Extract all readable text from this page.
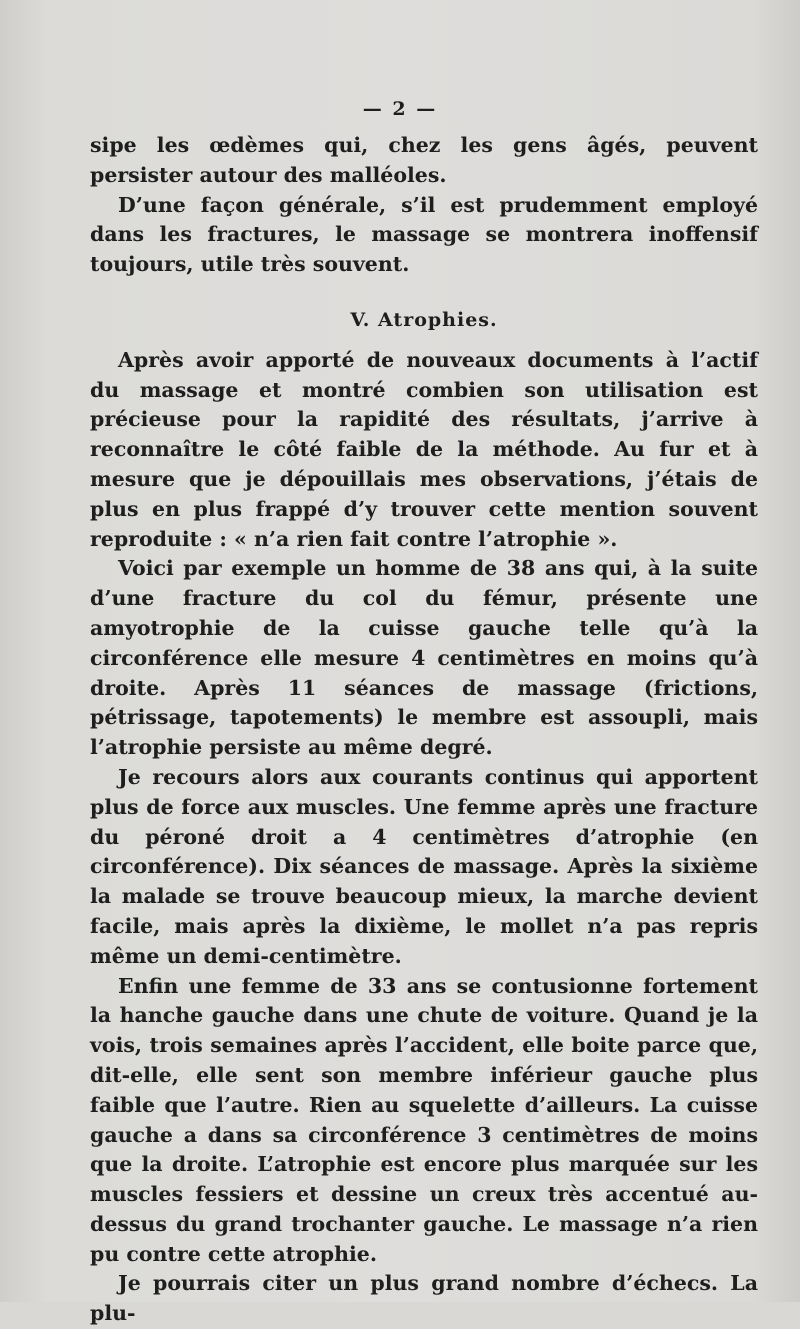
— 2 —

sipe les œdèmes qui, chez les gens âgés, peuvent persister autour des malléoles.

D’une façon générale, s’il est prudemment employé dans les fractures, le massage se montrera inoffensif toujours, utile très souvent.

V. Atrophies.

Après avoir apporté de nouveaux documents à l’actif du massage et montré combien son utilisation est précieuse pour la rapidité des résultats, j’arrive à reconnaître le côté faible de la méthode. Au fur et à mesure que je dépouillais mes observations, j’étais de plus en plus frappé d’y trouver cette mention souvent reproduite : « n’a rien fait contre l’atrophie ».

Voici par exemple un homme de 38 ans qui, à la suite d’une fracture du col du fémur, présente une amyotrophie de la cuisse gauche telle qu’à la circonférence elle mesure 4 centimètres en moins qu’à droite. Après 11 séances de massage (frictions, pétrissage, tapotements) le membre est assoupli, mais l’atrophie persiste au même degré.

Je recours alors aux courants continus qui apportent plus de force aux muscles. Une femme après une fracture du péroné droit a 4 centimètres d’atrophie (en circonférence). Dix séances de massage. Après la sixième la malade se trouve beaucoup mieux, la marche devient facile, mais après la dixième, le mollet n’a pas repris même un demi-centimètre.

Enfin une femme de 33 ans se contusionne fortement la hanche gauche dans une chute de voiture. Quand je la vois, trois semaines après l’accident, elle boite parce que, dit-elle, elle sent son membre inférieur gauche plus faible que l’autre. Rien au squelette d’ailleurs. La cuisse gauche a dans sa circonférence 3 centimètres de moins que la droite. L’atrophie est encore plus marquée sur les muscles fessiers et dessine un creux très accentué au-dessus du grand trochanter gauche. Le massage n’a rien pu contre cette atrophie.

Je pourrais citer un plus grand nombre d’échecs. La plu-
